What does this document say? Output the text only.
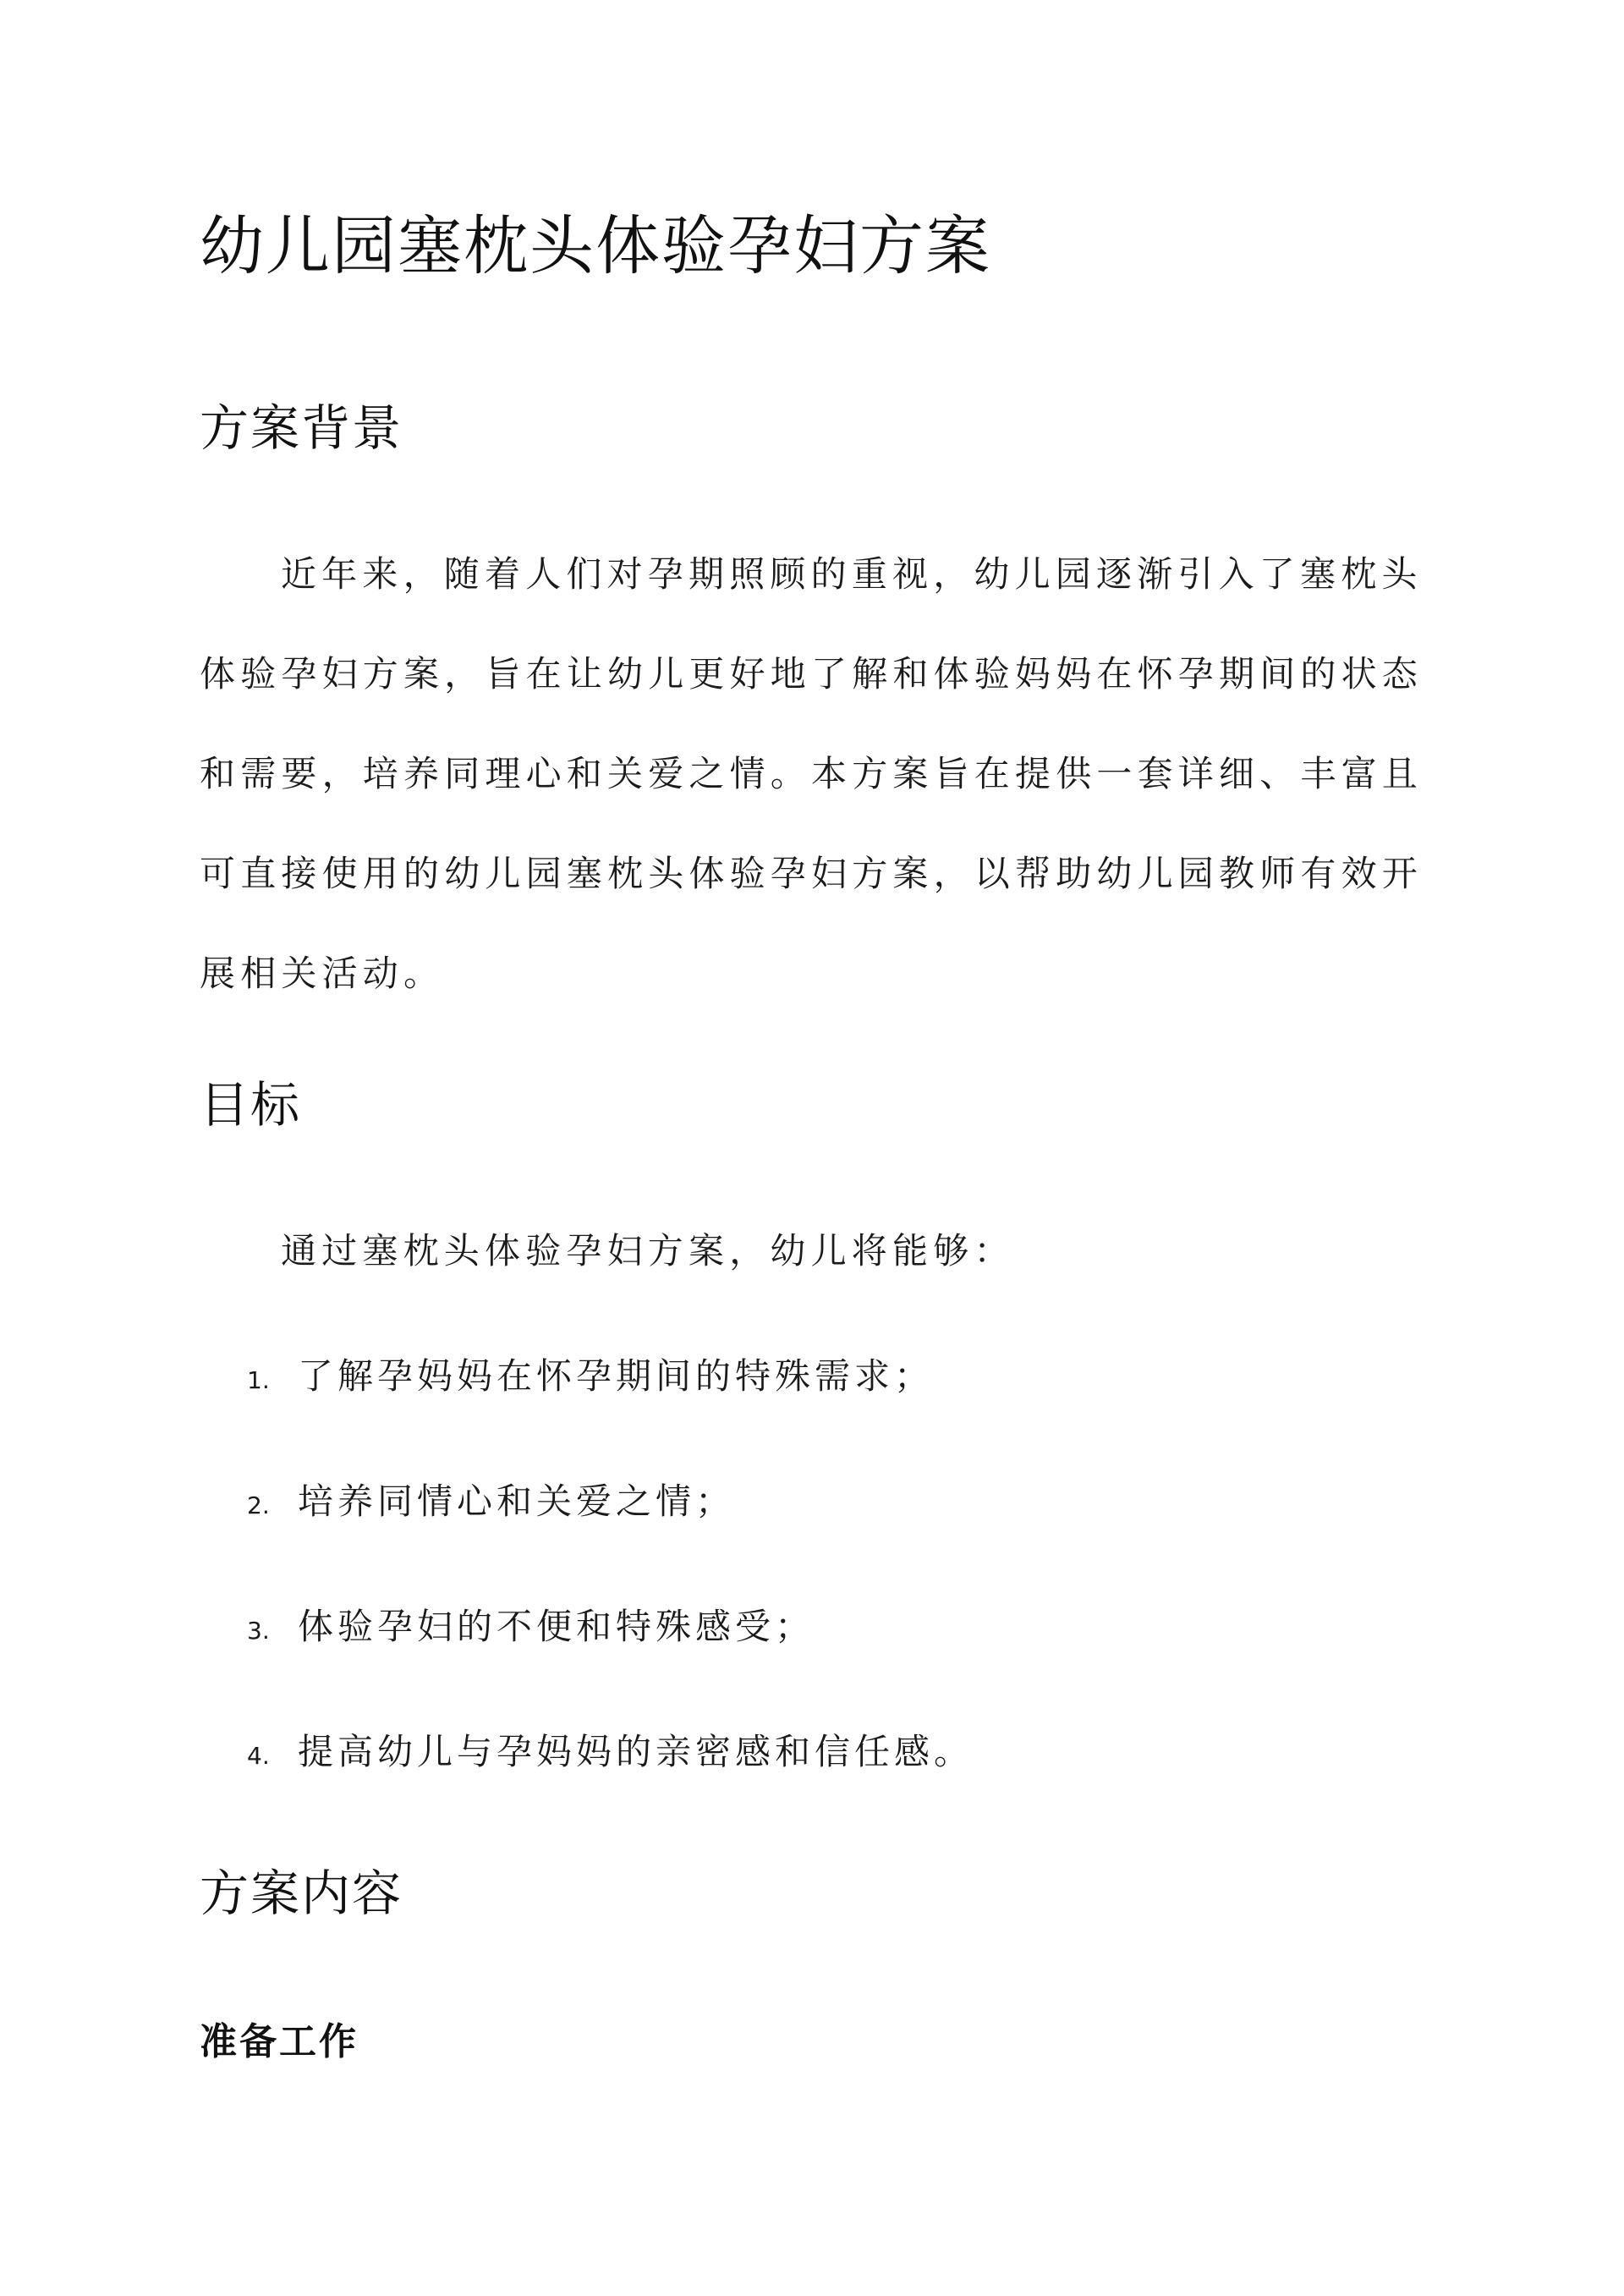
幼儿园塞枕头体验孕妇方案
方案背景

近年来，随着人们对孕期照顾的重视，幼儿园逐渐引入了塞枕头体验孕妇方案，旨在让幼儿更好地了解和体验妈妈在怀孕期间的状态和需要，培养同理心和关爱之情。本方案旨在提供一套详细、丰富且可直接使用的幼儿园塞枕头体验孕妇方案，以帮助幼儿园教师有效开展相关活动。

目标

通过塞枕头体验孕妇方案，幼儿将能够：

1. 了解孕妈妈在怀孕期间的特殊需求；
2. 培养同情心和关爱之情；
3. 体验孕妇的不便和特殊感受；
4. 提高幼儿与孕妈妈的亲密感和信任感。
方案内容
准备工作
